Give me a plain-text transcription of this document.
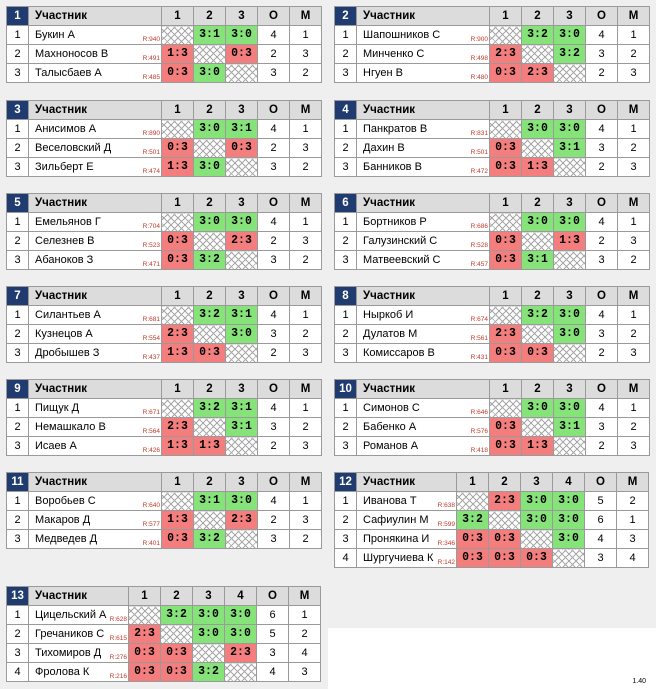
1	Участник	1	2	3	О	М
1	Букин А R:940		3:1	3:0	4	1
2	Махноносов В R:491	1:3		0:3	2	3
3	Талысбаев А R:485	0:3	3:0		3	2
2	Участник	1	2	3	О	М
1	Шапошников С R:900		3:2	3:0	4	1
2	Минченко С R:498	2:3		3:2	3	2
3	Нгуен В R:480	0:3	2:3		2	3
3	Участник	1	2	3	О	М
1	Анисимов А R:890		3:0	3:1	4	1
2	Веселовский Д R:501	0:3		0:3	2	3
3	Зильберт Е R:474	1:3	3:0		3	2
4	Участник	1	2	3	О	М
1	Панкратов В R:831		3:0	3:0	4	1
2	Дахин В R:501	0:3		3:1	3	2
3	Банников В R:472	0:3	1:3		2	3
5	Участник	1	2	3	О	М
1	Емельянов Г R:704		3:0	3:0	4	1
2	Селезнев В R:523	0:3		2:3	2	3
3	Абаноков З R:471	0:3	3:2		3	2
6	Участник	1	2	3	О	М
1	Бортников Р R:686		3:0	3:0	4	1
2	Галузинский С R:528	0:3		1:3	2	3
3	Матвеевский С R:457	0:3	3:1		3	2
7	Участник	1	2	3	О	М
1	Силантьев А R:681		3:2	3:1	4	1
2	Кузнецов А R:554	2:3		3:0	3	2
3	Дробышев З R:437	1:3	0:3		2	3
8	Участник	1	2	3	О	М
1	Ныркоб И R:674		3:2	3:0	4	1
2	Дулатов М R:561	2:3		3:0	3	2
3	Комиссаров В R:431	0:3	0:3		2	3
9	Участник	1	2	3	О	М
1	Пищук Д R:671		3:2	3:1	4	1
2	Немашкало В R:564	2:3		3:1	3	2
3	Исаев А R:426	1:3	1:3		2	3
10	Участник	1	2	3	О	М
1	Симонов С R:646		3:0	3:0	4	1
2	Бабенко А R:576	0:3		3:1	3	2
3	Романов А R:418	0:3	1:3		2	3
11	Участник	1	2	3	О	М
1	Воробьев С R:640		3:1	3:0	4	1
2	Макаров Д R:577	1:3		2:3	2	3
3	Медведев Д R:401	0:3	3:2		3	2
12	Участник	1	2	3	4	О	М
1	Иванова Т R:638		2:3	3:0	3:0	5	2
2	Сафиулин М R:599	3:2		3:0	3:0	6	1
3	Пронякина И R:346	0:3	0:3		3:0	4	3
4	Шургучиева К R:142	0:3	0:3	0:3		3	4
13	Участник	1	2	3	4	О	М
1	Цицельский А R:628		3:2	3:0	3:0	6	1
2	Гречаников С R:615	2:3		3:0	3:0	5	2
3	Тихомиров Д R:276	0:3	0:3		2:3	3	4
4	Фролова К R:216	0:3	0:3	3:2		4	3
1.40
